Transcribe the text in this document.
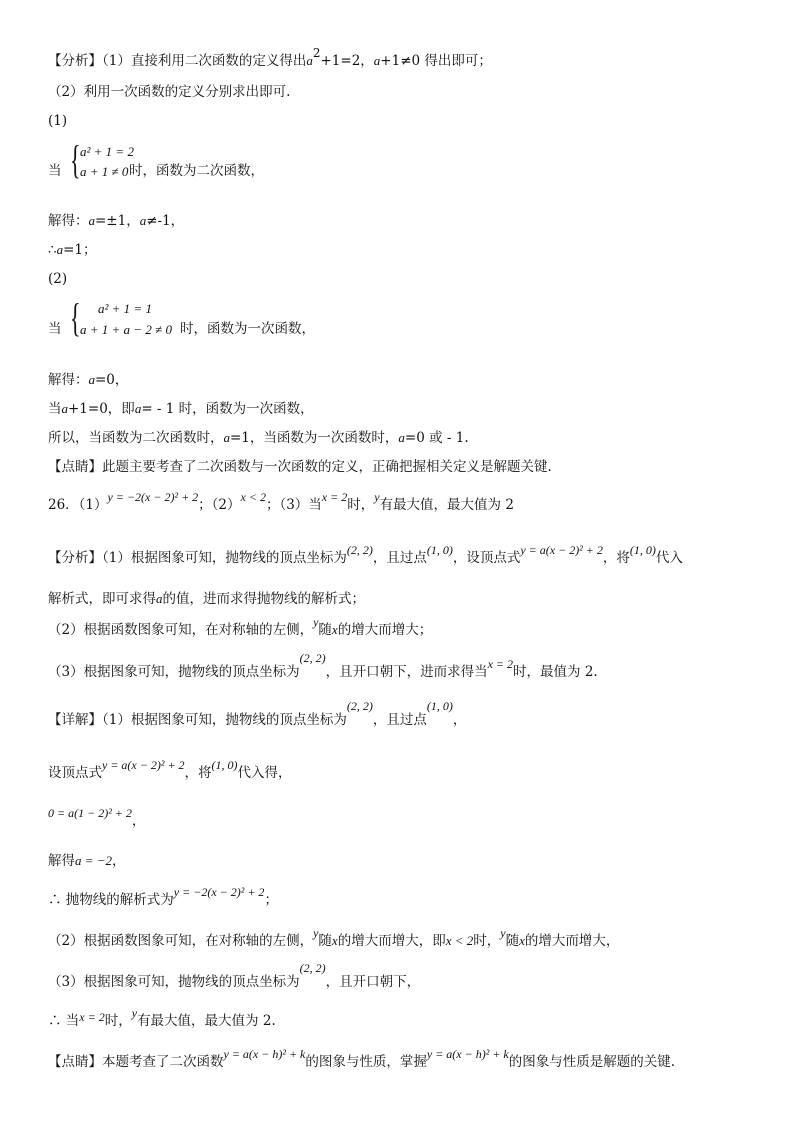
【分析】（1）直接利用二次函数的定义得出a2+1=2，a+1≠0 得出即可；
（2）利用一次函数的定义分别求出即可.
(1)
当 { a² + 1 = 2
a + 1 ≠ 0 时，函数为二次函数，
解得：a=±1，a≠-1，
∴a=1；
(2)
当 { a² + 1 = 1
a + 1 + a − 2 ≠ 0 时，函数为一次函数，
解得：a=0，
当a+1=0，即a= - 1 时，函数为一次函数，
所以，当函数为二次函数时，a=1，当函数为一次函数时，a=0 或 - 1.
【点睛】此题主要考查了二次函数与一次函数的定义，正确把握相关定义是解题关键.
26．（1）y = −2(x − 2)² + 2；（2）x < 2；（3）当x = 2时，y有最大值，最大值为 2
【分析】（1）根据图象可知，抛物线的顶点坐标为(2, 2)，且过点(1, 0)，设顶点式y = a(x − 2)² + 2，将(1, 0)代入
解析式，即可求得a的值，进而求得抛物线的解析式；
（2）根据函数图象可知，在对称轴的左侧，y随x的增大而增大；
（3）根据图象可知，抛物线的顶点坐标为(2, 2)，且开口朝下，进而求得当x = 2时，最值为 2.
【详解】（1）根据图象可知，抛物线的顶点坐标为(2, 2)，且过点(1, 0)，
设顶点式y = a(x − 2)² + 2，将(1, 0)代入得，
0 = a(1 − 2)² + 2，
解得a = −2，
∴ 抛物线的解析式为y = −2(x − 2)² + 2；
（2）根据函数图象可知，在对称轴的左侧，y随x的增大而增大，即x < 2时，y随x的增大而增大，
（3）根据图象可知，抛物线的顶点坐标为(2, 2)，且开口朝下，
∴ 当x = 2时，y有最大值，最大值为 2.
【点睛】本题考查了二次函数y = a(x − h)² + k的图象与性质，掌握y = a(x − h)² + k的图象与性质是解题的关键.
